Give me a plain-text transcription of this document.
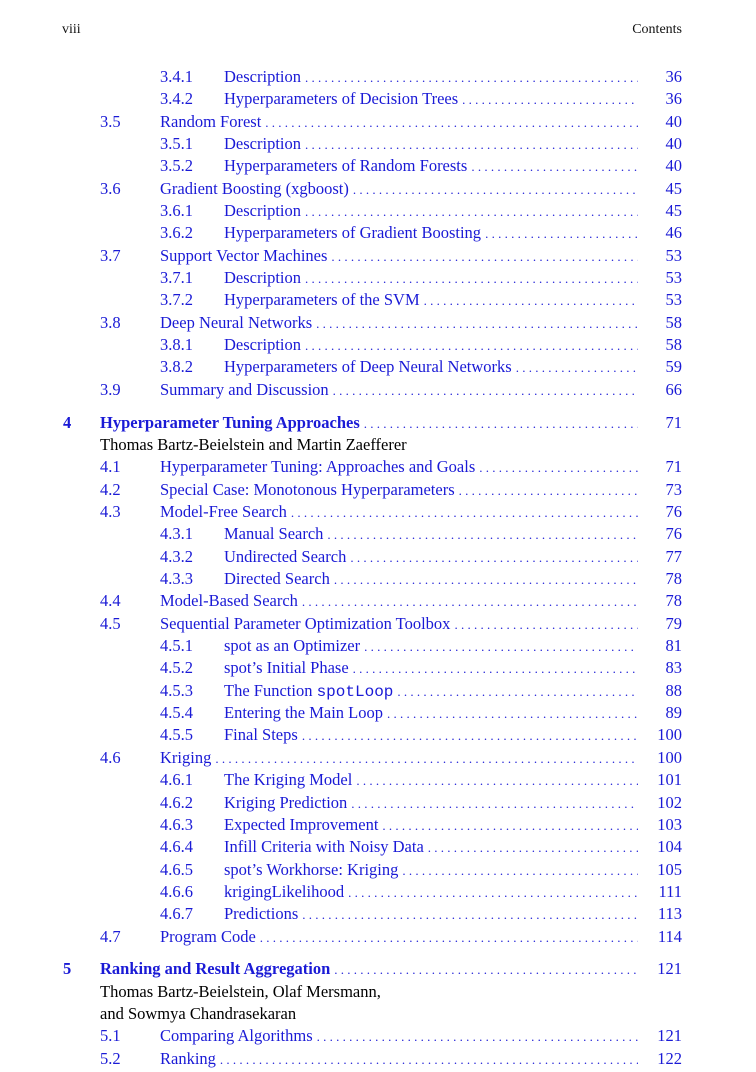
viii	Contents
3.4.1 Description . . .	36
3.4.2 Hyperparameters of Decision Trees . . .	36
3.5 Random Forest . . .	40
3.5.1 Description . . .	40
3.5.2 Hyperparameters of Random Forests . . .	40
3.6 Gradient Boosting (xgboost) . . .	45
3.6.1 Description . . .	45
3.6.2 Hyperparameters of Gradient Boosting . . .	46
3.7 Support Vector Machines . . .	53
3.7.1 Description . . .	53
3.7.2 Hyperparameters of the SVM . . .	53
3.8 Deep Neural Networks . . .	58
3.8.1 Description . . .	58
3.8.2 Hyperparameters of Deep Neural Networks . . .	59
3.9 Summary and Discussion . . .	66
4 Hyperparameter Tuning Approaches . . .	71
Thomas Bartz-Beielstein and Martin Zaefferer
4.1 Hyperparameter Tuning: Approaches and Goals . . .	71
4.2 Special Case: Monotonous Hyperparameters . . .	73
4.3 Model-Free Search . . .	76
4.3.1 Manual Search . . .	76
4.3.2 Undirected Search . . .	77
4.3.3 Directed Search . . .	78
4.4 Model-Based Search . . .	78
4.5 Sequential Parameter Optimization Toolbox . . .	79
4.5.1 spot as an Optimizer . . .	81
4.5.2 spot’s Initial Phase . . .	83
4.5.3 The Function spotLoop . . .	88
4.5.4 Entering the Main Loop . . .	89
4.5.5 Final Steps . . .	100
4.6 Kriging . . .	100
4.6.1 The Kriging Model . . .	101
4.6.2 Kriging Prediction . . .	102
4.6.3 Expected Improvement . . .	103
4.6.4 Infill Criteria with Noisy Data . . .	104
4.6.5 spot’s Workhorse: Kriging . . .	105
4.6.6 krigingLikelihood . . .	111
4.6.7 Predictions . . .	113
4.7 Program Code . . .	114
5 Ranking and Result Aggregation . . .	121
Thomas Bartz-Beielstein, Olaf Mersmann,
and Sowmya Chandrasekaran
5.1 Comparing Algorithms . . .	121
5.2 Ranking . . .	122
